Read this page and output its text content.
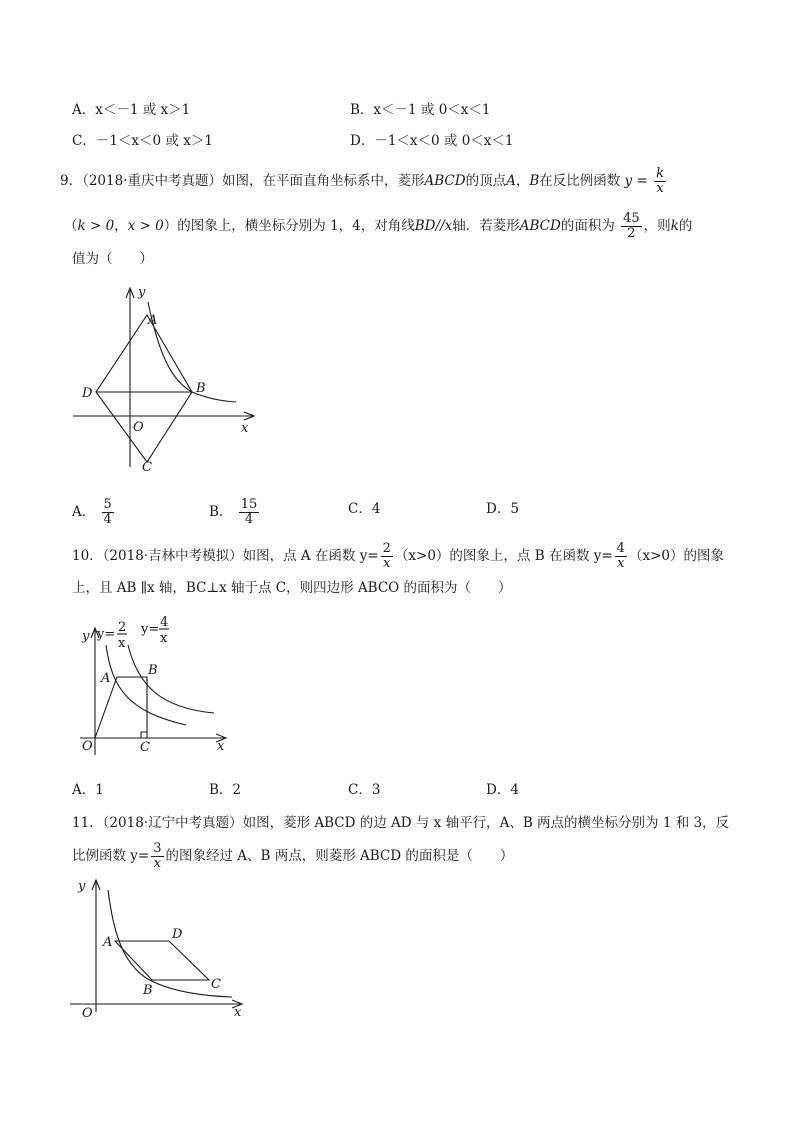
A．x＜－1 或 x＞1	B．x＜－1 或 0＜x＜1
C．－1＜x＜0 或 x＞1	D．－1＜x＜0 或 0＜x＜1
9．（2018·重庆中考真题）如图，在平面直角坐标系中，菱形ABCD的顶点A，B在反比例函数 $y = \frac{k}{x}$
（k > 0，x > 0）的图象上，横坐标分别为 1，4，对角线BD//x轴．若菱形ABCD的面积为 $\frac{45}{2}$ ，则k的
值为（　　）
y
A
D	B
O	x
C
A． $\frac{5}{4}$	B． $\frac{15}{4}$	C．4	D．5
10．（2018·吉林中考模拟）如图，点 A 在函数 $y= \frac{2}{x} (x>0)$的图象上，点 B 在函数 $y= \frac{4}{x} (x>0)$的图象
上，且 AB ∥x 轴，BC⊥x 轴于点 C，则四边形 ABCO 的面积为（　　）
y y= 2
x
y= 4
x
A
B
O	C	x
A．1	B．2	C．3	D．4
11．（2018·辽宁中考真题）如图，菱形 ABCD 的边 AD 与 x 轴平行，A、B 两点的横坐标分别为 1 和 3，反
比例函数 $y= \frac{3}{x}$ 的图象经过 A、B 两点，则菱形 ABCD 的面积是（　　）
y
A
D
B	C
O	x
